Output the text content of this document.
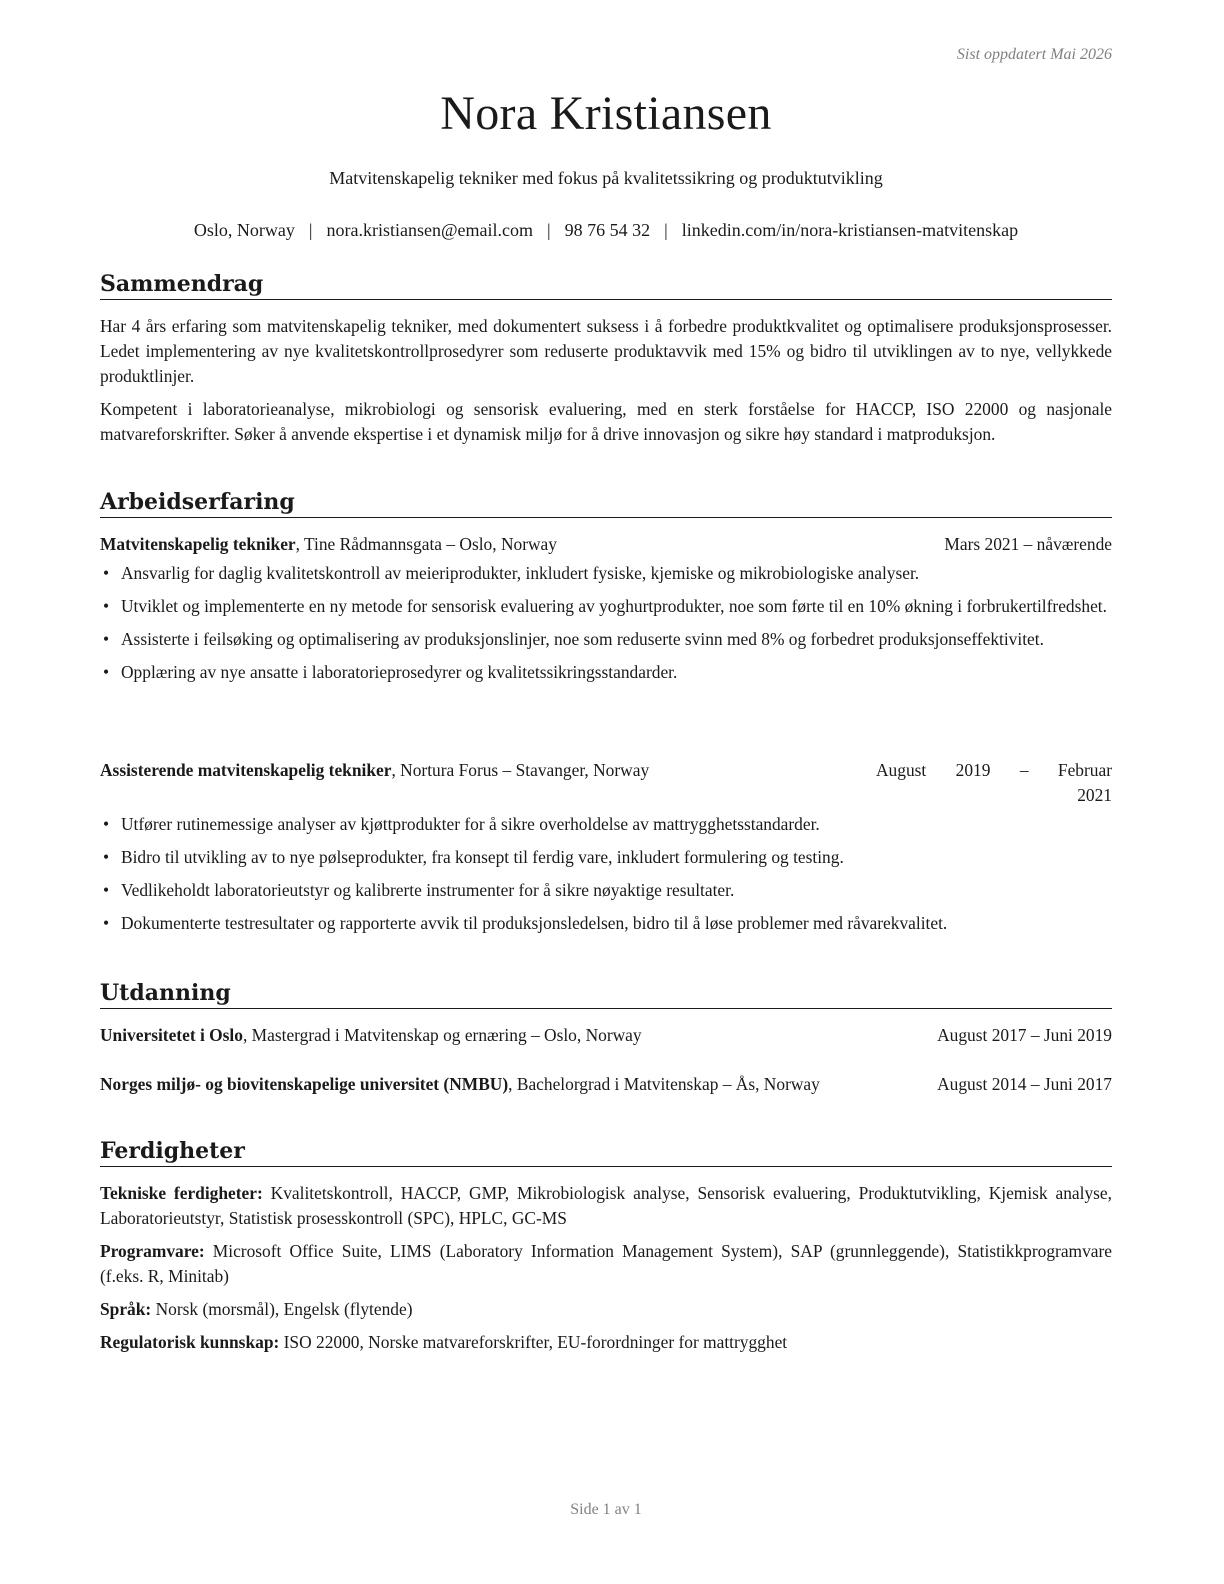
Sist oppdatert Mai 2026
Nora Kristiansen
Matvitenskapelig tekniker med fokus på kvalitetssikring og produktutvikling
Oslo, Norway | nora.kristiansen@email.com | 98 76 54 32 | linkedin.com/in/nora-kristiansen-matvitenskap
Sammendrag

Har 4 års erfaring som matvitenskapelig tekniker, med dokumentert suksess i å forbedre produktkvalitet og optimalisere produksjonsprosesser. Ledet implementering av nye kvalitetskontrollprosedyrer som reduserte produktavvik med 15% og bidro til utviklingen av to nye, vellykkede produktlinjer.

Kompetent i laboratorieanalyse, mikrobiologi og sensorisk evaluering, med en sterk forståelse for HACCP, ISO 22000 og nasjonale matvareforskrifter. Søker å anvende ekspertise i et dynamisk miljø for å drive innovasjon og sikre høy standard i matproduksjon.

Arbeidserfaring
Matvitenskapelig tekniker, Tine Rådmannsgata – Oslo, Norway	Mars 2021 – nåværende
• Ansvarlig for daglig kvalitetskontroll av meieriprodukter, inkludert fysiske, kjemiske og mikrobiologiske analyser.
• Utviklet og implementerte en ny metode for sensorisk evaluering av yoghurtprodukter, noe som førte til en 10% økning i forbrukertilfredshet.
• Assisterte i feilsøking og optimalisering av produksjonslinjer, noe som reduserte svinn med 8% og forbedret produksjonseffektivitet.
• Opplæring av nye ansatte i laboratorieprosedyrer og kvalitetssikringsstandarder.
Assisterende matvitenskapelig tekniker, Nortura Forus – Stavanger, Norway	August 2019 – Februar
2021
• Utfører rutinemessige analyser av kjøttprodukter for å sikre overholdelse av mattrygghetsstandarder.
• Bidro til utvikling av to nye pølseprodukter, fra konsept til ferdig vare, inkludert formulering og testing.
• Vedlikeholdt laboratorieutstyr og kalibrerte instrumenter for å sikre nøyaktige resultater.
• Dokumenterte testresultater og rapporterte avvik til produksjonsledelsen, bidro til å løse problemer med råvarekvalitet.
Utdanning
Universitetet i Oslo, Mastergrad i Matvitenskap og ernæring – Oslo, Norway	August 2017 – Juni 2019
Norges miljø- og biovitenskapelige universitet (NMBU), Bachelorgrad i Matvitenskap – Ås, Norway	August 2014 – Juni 2017
Ferdigheter
Tekniske ferdigheter: Kvalitetskontroll, HACCP, GMP, Mikrobiologisk analyse, Sensorisk evaluering, Produktutvikling, Kjemisk analyse, Laboratorieutstyr, Statistisk prosesskontroll (SPC), HPLC, GC-MS
Programvare: Microsoft Office Suite, LIMS (Laboratory Information Management System), SAP (grunnleggende), Statistikkprogramvare (f.eks. R, Minitab)
Språk: Norsk (morsmål), Engelsk (flytende)
Regulatorisk kunnskap: ISO 22000, Norske matvareforskrifter, EU-forordninger for mattrygghet
Side 1 av 1
